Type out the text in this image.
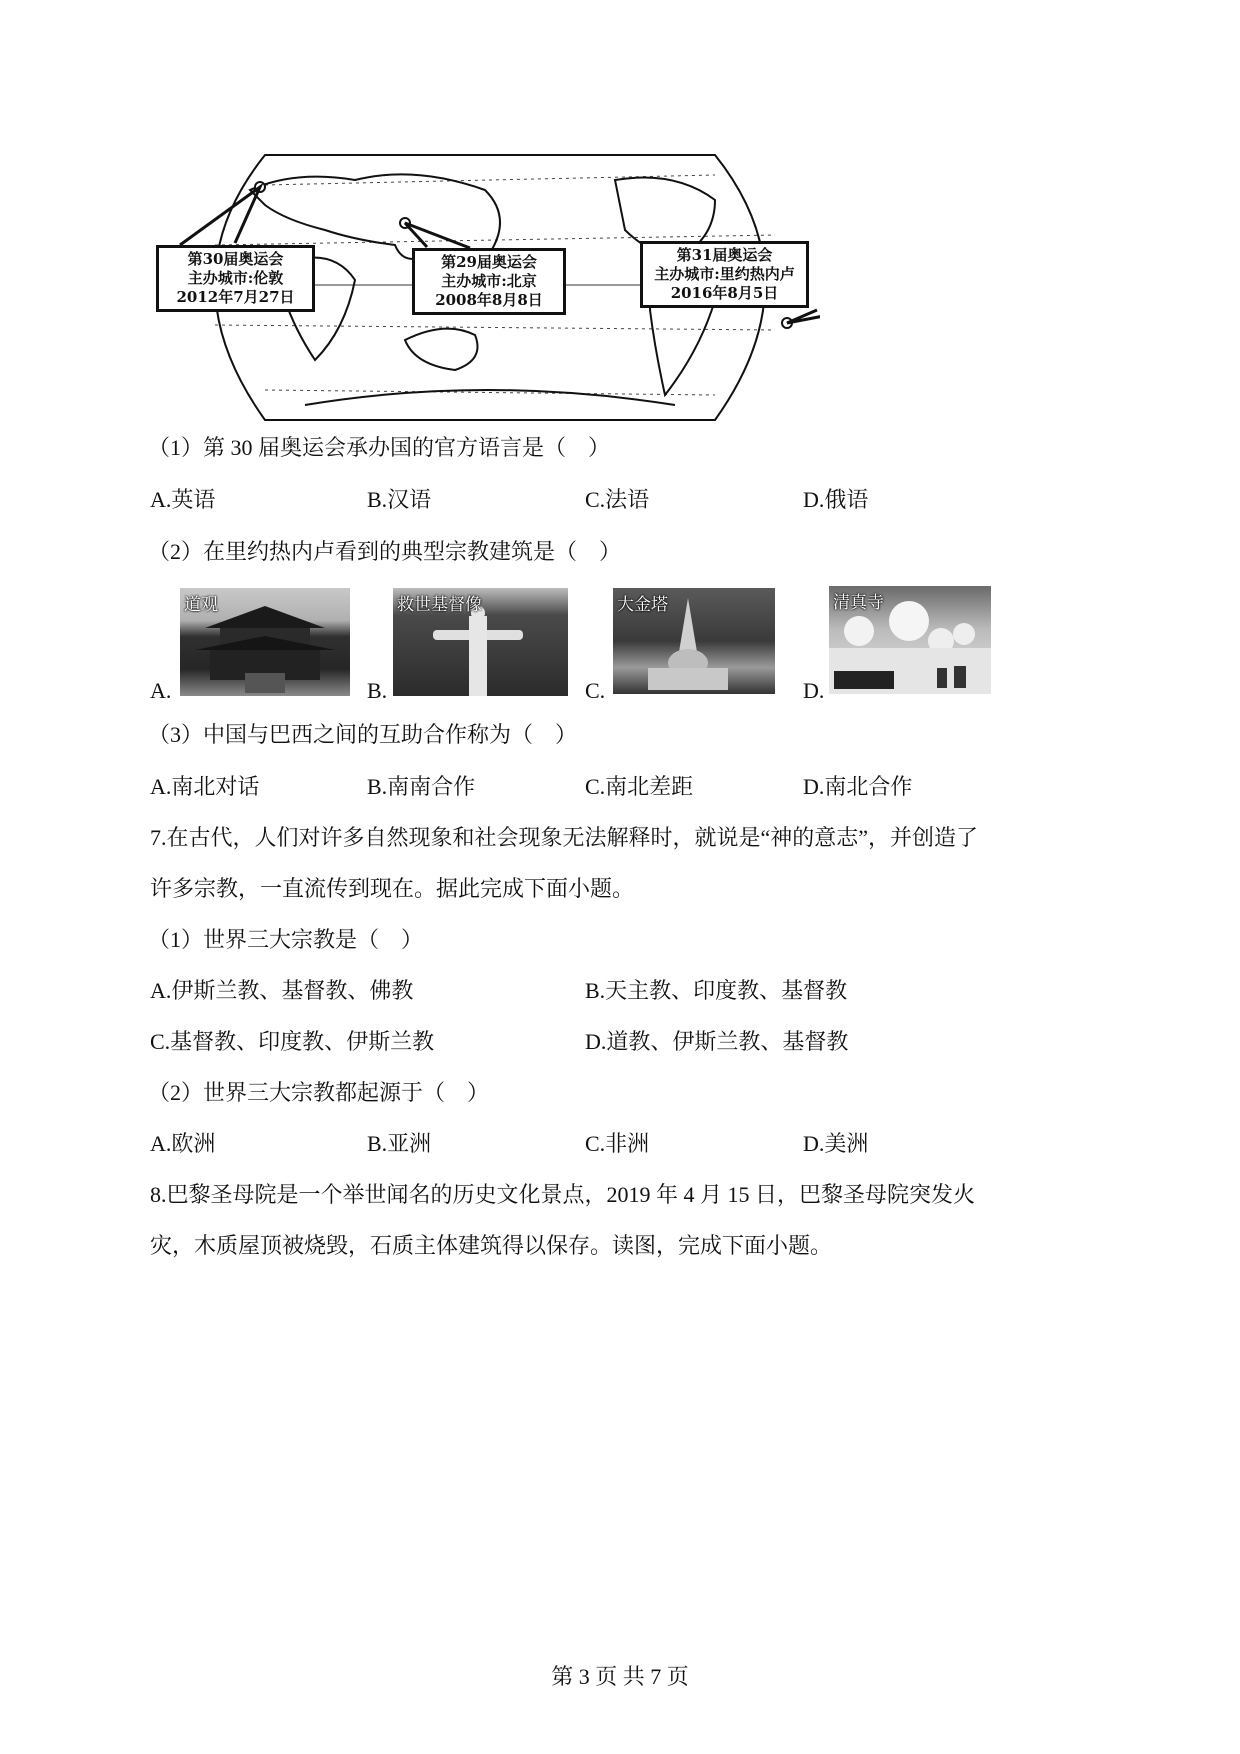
第30届奥运会
主办城市:伦敦
2012年7月27日
第29届奥运会
主办城市:北京
2008年8月8日
第31届奥运会
主办城市:里约热内卢
2016年8月5日
（1）第 30 届奥运会承办国的官方语言是（　）
A.英语	B.汉语	C.法语	D.俄语
（2）在里约热内卢看到的典型宗教建筑是（　）
A.
道观
B.
救世基督像
C.
大金塔
D.
清真寺
（3）中国与巴西之间的互助合作称为（　）
A.南北对话	B.南南合作	C.南北差距	D.南北合作
7.在古代，人们对许多自然现象和社会现象无法解释时，就说是“神的意志”，并创造了
许多宗教，一直流传到现在。据此完成下面小题。
（1）世界三大宗教是（　）
A.伊斯兰教、基督教、佛教	B.天主教、印度教、基督教
C.基督教、印度教、伊斯兰教	D.道教、伊斯兰教、基督教
（2）世界三大宗教都起源于（　）
A.欧洲	B.亚洲	C.非洲	D.美洲
8.巴黎圣母院是一个举世闻名的历史文化景点，2019 年 4 月 15 日，巴黎圣母院突发火
灾，木质屋顶被烧毁，石质主体建筑得以保存。读图，完成下面小题。
第 3 页 共 7 页
